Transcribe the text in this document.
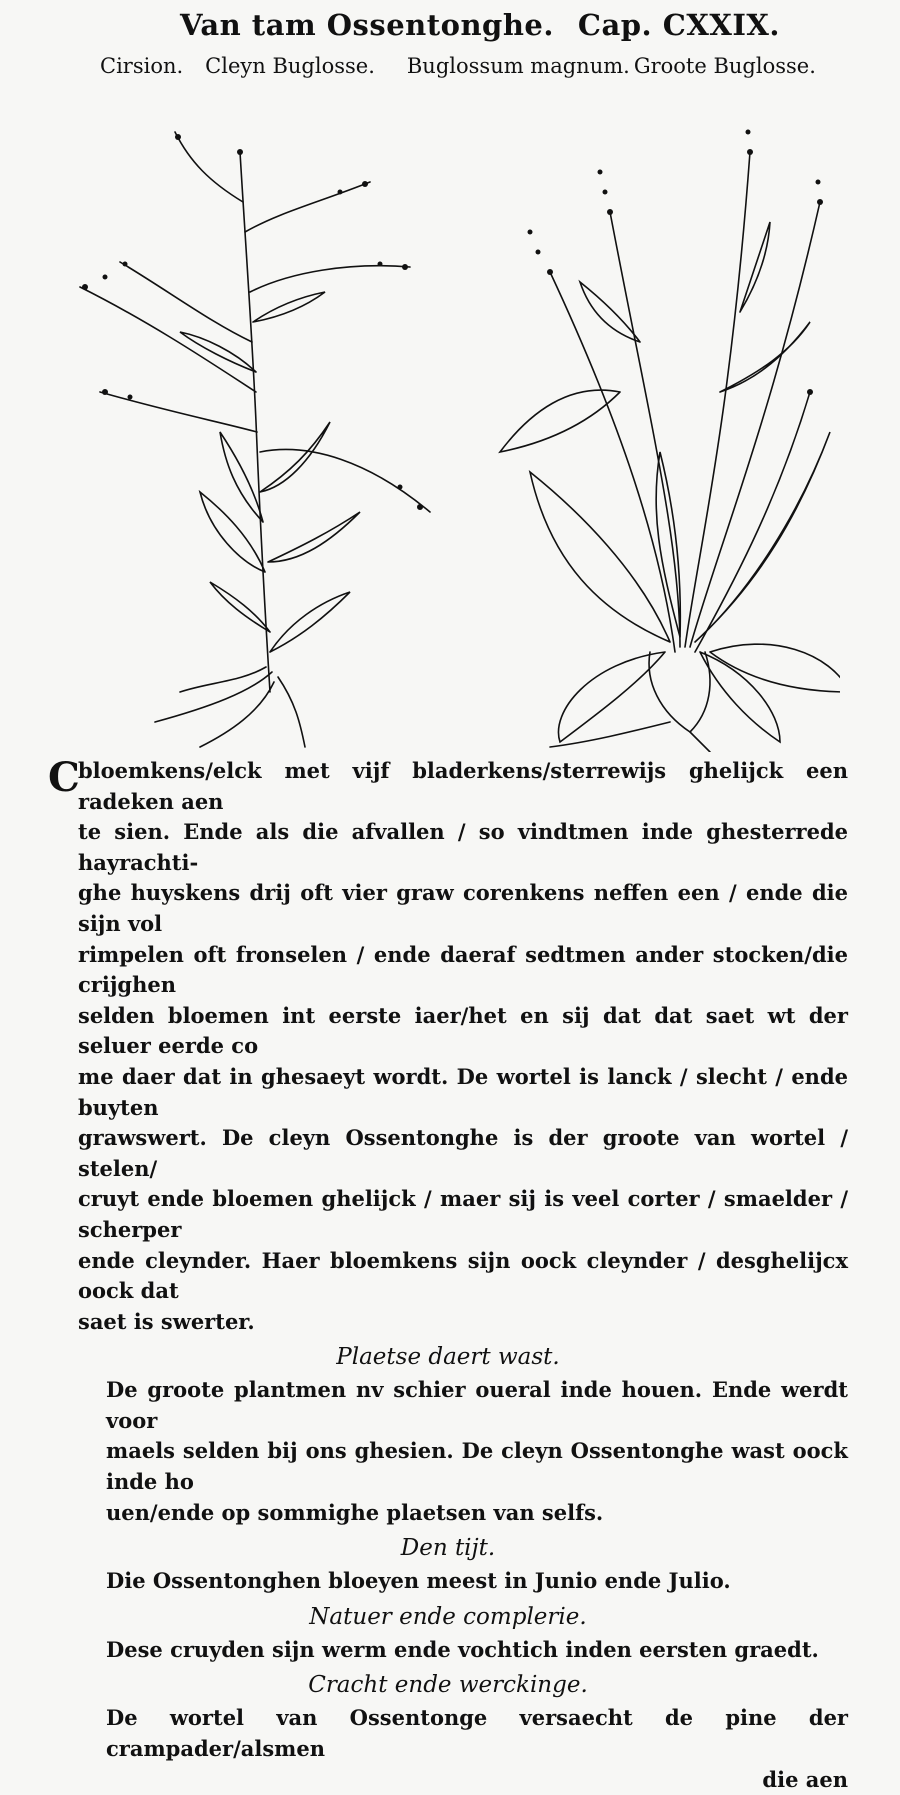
Van tam Ossentonghe. Cap. CXXIX.
Cirsion. Cleyn Buglosse. Buglossum magnum. Groote Buglosse.
C
bloemkens/elck met vijf bladerkens/sterrewijs ghelijck een radeken aen
te sien. Ende als die afvallen / so vindtmen inde ghesterrede hayrachti-
ghe huyskens drij oft vier graw corenkens neffen een / ende die sijn vol
rimpelen oft fronselen / ende daeraf sedtmen ander stocken/die crijghen
selden bloemen int eerste iaer/het en sij dat dat saet wt der seluer eerde co
me daer dat in ghesaeyt wordt. De wortel is lanck / slecht / ende buyten
grawswert. De cleyn Ossentonghe is der groote van wortel / stelen/
cruyt ende bloemen ghelijck / maer sij is veel corter / smaelder / scherper
ende cleynder. Haer bloemkens sijn oock cleynder / desghelijcx oock dat
saet is swerter.
Plaetse daert wast.
De groote plantmen nv schier oueral inde houen. Ende werdt voor
maels selden bij ons ghesien. De cleyn Ossentonghe wast oock inde ho
uen/ende op sommighe plaetsen van selfs.
Den tijt.
Die Ossentonghen bloeyen meest in Junio ende Julio.
Natuer ende complerie.
Dese cruyden sijn werm ende vochtich inden eersten graedt.
Cracht ende werckinge.
De wortel van Ossentonge versaecht de pine der crampader/alsmen
die aen
